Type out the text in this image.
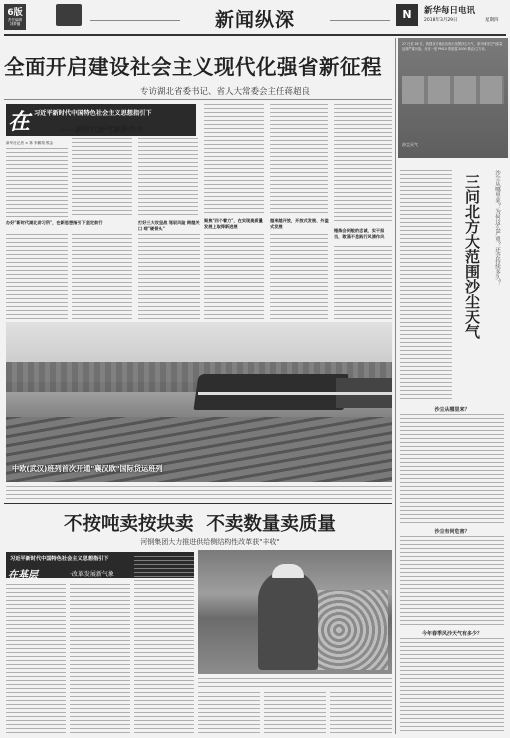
6版
责任编辑
刘梦璐	新闻纵深	N	新华每日电讯
2018年3月29日	星期四
全面开启建设社会主义现代化强省新征程
专访湖北省委书记、省人大常委会主任蒋超良
在 习近平新时代中国特色社会主义思想指引下
——新时代新气象新作为
新华社记者 × 林 李鹏翔 熊金
办好"新时代湖北讲习所"，在新思想指引下坚定前行	打好三大攻坚战 驾驭风险 跨越关口 啃"硬骨头"
聚焦"四个着力"，在实现高质量发展上取得新进展
越来越开放，开放式发展、外溢式发展
锤炼会剑般的忠诚，实干担当，敢涌不息践行风清作风
中欧(武汉)班列首次开通"襄汉欧"国际货运班列
27 日至 28 日，我国北方地区出现大范围沙尘天气，部分城市空气质量达到严重污染。北京一度 PM10 浓度超 2000 微克/立方米。
沙尘天气
三问北方大范围沙尘天气	沙尘从哪里来？为何这么严重？还会持续多久？
沙尘从哪里来？
沙尘有何危害？
今年春季风沙天气有多少？
不按吨卖按块卖  不卖数量卖质量
河钢集团大力推进供给侧结构性改革获"丰收"
习近平新时代中国特色社会主义思想指引下
在基层	·改革发展新气象
